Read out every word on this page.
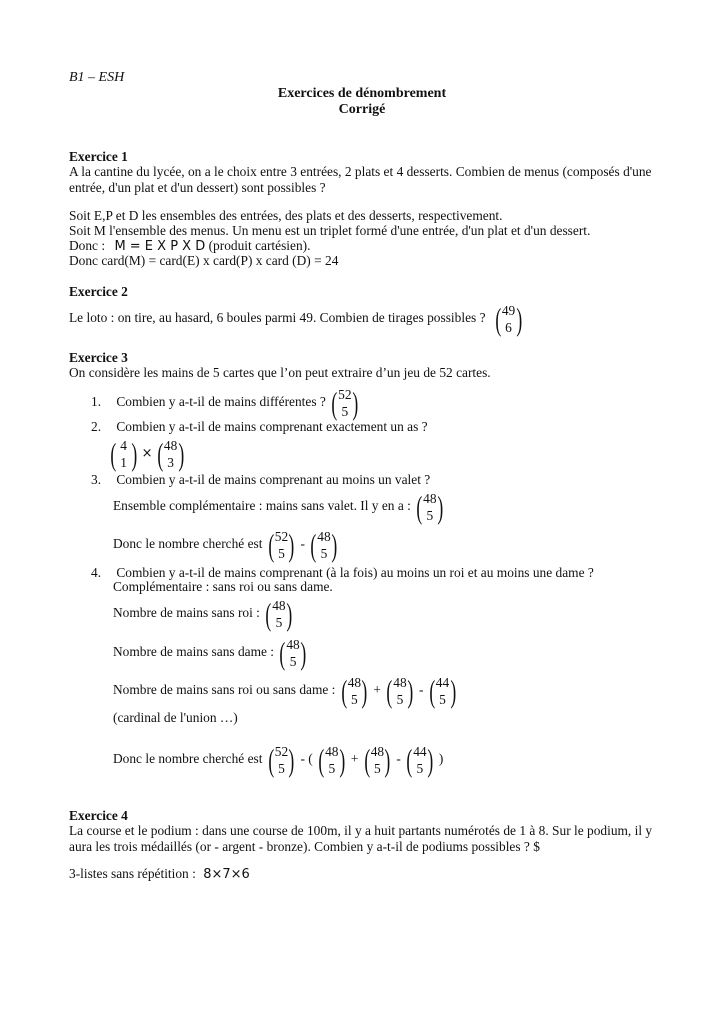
B1 – ESH
Exercices de dénombrement
Corrigé
Exercice 1
A la cantine du lycée, on a le choix entre 3 entrées, 2 plats et 4 desserts. Combien de menus (composés d'une entrée, d'un plat et d'un dessert) sont possibles ?
Soit E,P et D les ensembles des entrées, des plats et des desserts, respectivement.
Soit M l'ensemble des menus. Un menu est un triplet formé d'une entrée, d'un plat et d'un dessert.
Donc : M = E X P X D (produit cartésien).
Donc card(M) = card(E) x card(P) x card (D) = 24
Exercice 2
Le loto : on tire, au hasard, 6 boules parmi 49. Combien de tirages possibles ? ( 49
6 )
Exercice 3
On considère les mains de 5 cartes que l’on peut extraire d’un jeu de 52 cartes.
1. Combien y a-t-il de mains différentes ? ( 52
5 )
2. Combien y a-t-il de mains comprenant exactement un as ?
( 4
1 ) × ( 48
3 )
3. Combien y a-t-il de mains comprenant au moins un valet ?
Ensemble complémentaire : mains sans valet. Il y en a : ( 48
5 )
Donc le nombre cherché est ( 52
5 ) - ( 48
5 )
4. Combien y a-t-il de mains comprenant (à la fois) au moins un roi et au moins une dame ?
Complémentaire : sans roi ou sans dame.
Nombre de mains sans roi : ( 48
5 )
Nombre de mains sans dame : ( 48
5 )
Nombre de mains sans roi ou sans dame : ( 48
5 ) + ( 48
5 ) - ( 44
5 )
(cardinal de l'union …)
Donc le nombre cherché est ( 52
5 ) - ( ( 48
5 ) + ( 48
5 ) - ( 44
5 ) )
Exercice 4
La course et le podium : dans une course de 100m, il y a huit partants numérotés de 1 à 8. Sur le podium, il y aura les trois médaillés (or - argent - bronze). Combien y a-t-il de podiums possibles ? $
3-listes sans répétition : 8×7×6
